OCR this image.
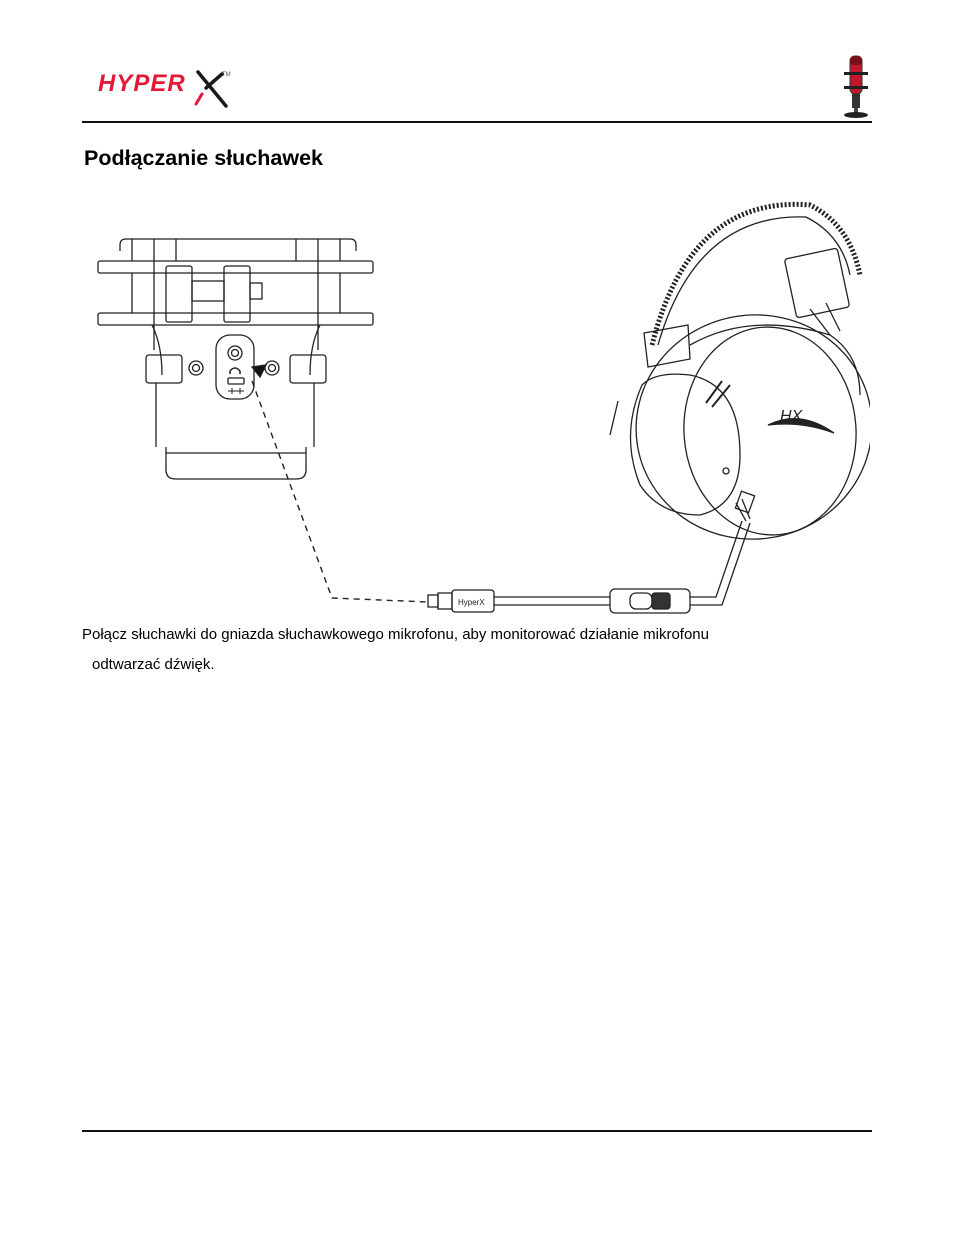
HYPER	TM
Podłączanie słuchawek
HyperX
HX
Połącz słuchawki do gniazda słuchawkowego mikrofonu, aby monitorować działanie mikrofonu
odtwarzać dźwięk.
